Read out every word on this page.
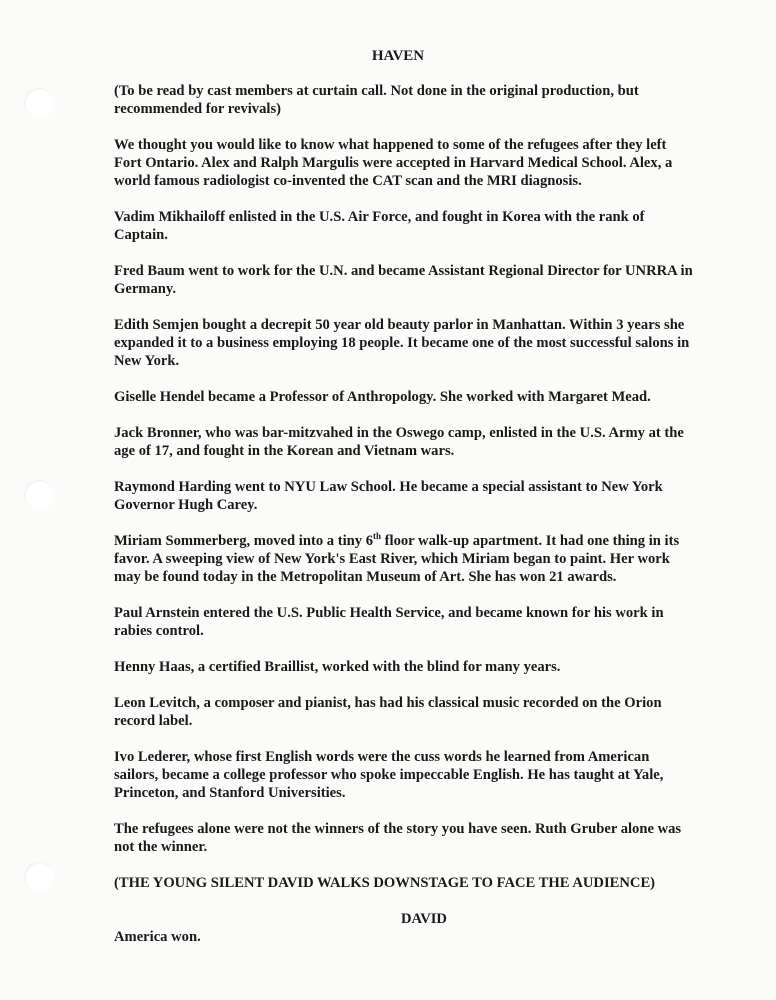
HAVEN

(To be read by cast members at curtain call. Not done in the original production, but recommended for revivals)

We thought you would like to know what happened to some of the refugees after they left Fort Ontario. Alex and Ralph Margulis were accepted in Harvard Medical School. Alex, a world famous radiologist co-invented the CAT scan and the MRI diagnosis.

Vadim Mikhailoff enlisted in the U.S. Air Force, and fought in Korea with the rank of Captain.

Fred Baum went to work for the U.N. and became Assistant Regional Director for UNRRA in Germany.

Edith Semjen bought a decrepit 50 year old beauty parlor in Manhattan. Within 3 years she expanded it to a business employing 18 people. It became one of the most successful salons in New York.

Giselle Hendel became a Professor of Anthropology. She worked with Margaret Mead.

Jack Bronner, who was bar-mitzvahed in the Oswego camp, enlisted in the U.S. Army at the age of 17, and fought in the Korean and Vietnam wars.

Raymond Harding went to NYU Law School. He became a special assistant to New York Governor Hugh Carey.

Miriam Sommerberg, moved into a tiny 6th floor walk-up apartment. It had one thing in its favor. A sweeping view of New York's East River, which Miriam began to paint. Her work may be found today in the Metropolitan Museum of Art. She has won 21 awards.

Paul Arnstein entered the U.S. Public Health Service, and became known for his work in rabies control.

Henny Haas, a certified Braillist, worked with the blind for many years.

Leon Levitch, a composer and pianist, has had his classical music recorded on the Orion record label.

Ivo Lederer, whose first English words were the cuss words he learned from American sailors, became a college professor who spoke impeccable English. He has taught at Yale, Princeton, and Stanford Universities.

The refugees alone were not the winners of the story you have seen. Ruth Gruber alone was not the winner.

(THE YOUNG SILENT DAVID WALKS DOWNSTAGE TO FACE THE AUDIENCE)

DAVID

America won.
